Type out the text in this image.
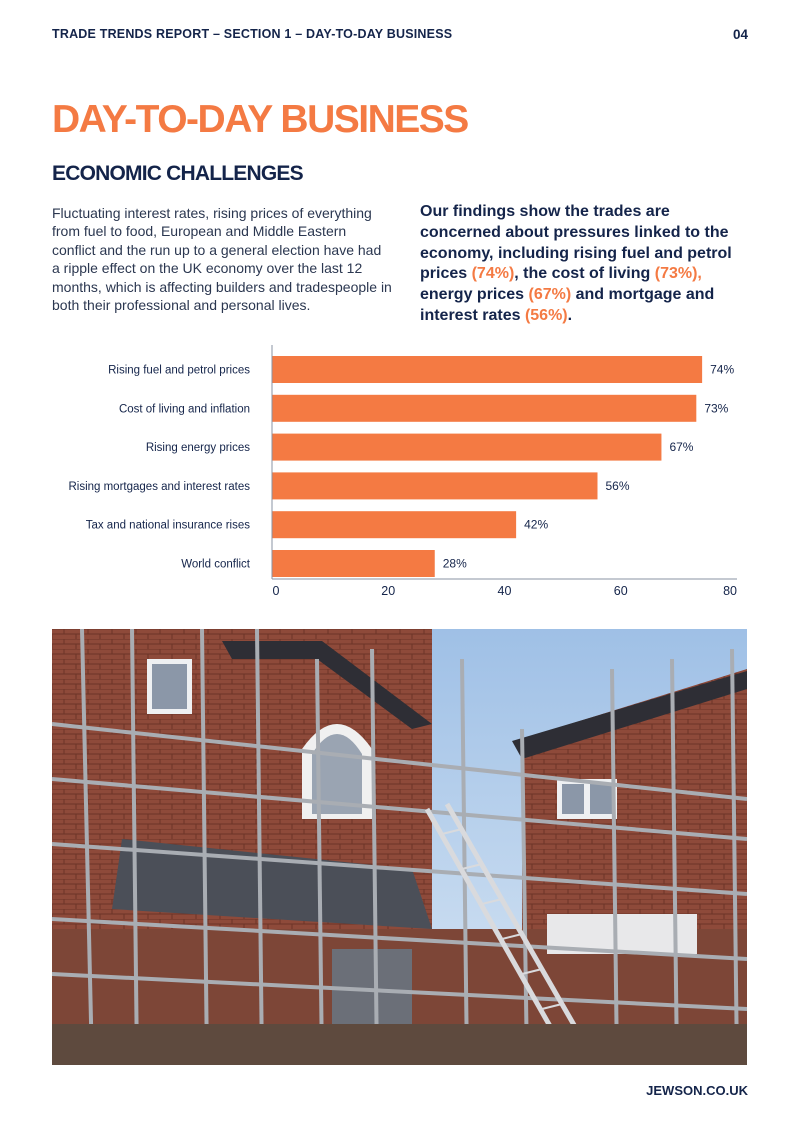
TRADE TRENDS REPORT – SECTION 1 – DAY-TO-DAY BUSINESS	04
DAY-TO-DAY BUSINESS
ECONOMIC CHALLENGES

Fluctuating interest rates, rising prices of everything from fuel to food, European and Middle Eastern conflict and the run up to a general election have had a ripple effect on the UK economy over the last 12 months, which is affecting builders and tradespeople in both their professional and personal lives.

Our findings show the trades are concerned about pressures linked to the economy, including rising fuel and petrol prices (74%), the cost of living (73%), energy prices (67%) and mortgage and interest rates (56%).

Rising fuel and petrol prices	74%
Cost of living and inflation	73%
Rising energy prices	67%
Rising mortgages and interest rates	56%
Tax and national insurance rises	42%
World conflict	28%
0	20	40	60	80
JEWSON.CO.UK
